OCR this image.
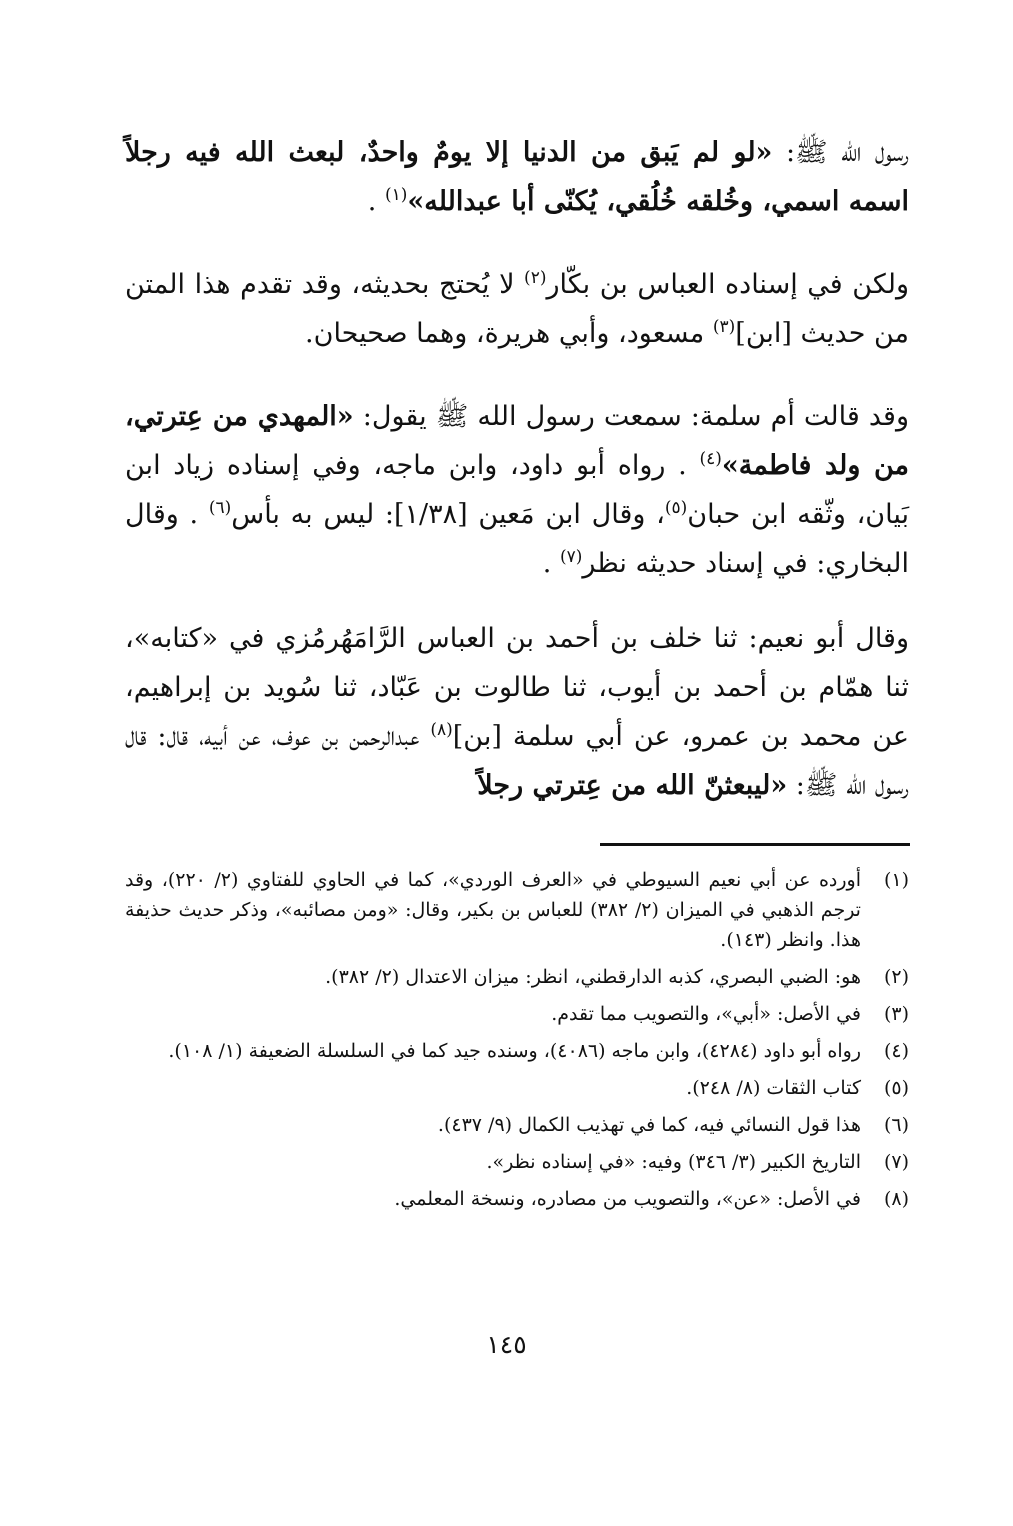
رسول الله ﷺ: «لو لم يَبق من الدنيا إلا يومٌ واحدٌ، لبعث الله فيه رجلاً اسمه اسمي، وخُلقه خُلُقي، يُكنّى أبا عبدالله»$^{(١)}$ .

ولكن في إسناده العباس بن بكّار$^{(٢)}$ لا يُحتج بحديثه، وقد تقدم هذا المتن من حديث [ابن]$^{(٣)}$ مسعود، وأبي هريرة، وهما صحيحان.

وقد قالت أم سلمة: سمعت رسول الله ﷺ يقول: «المهدي من عِترتي، من ولد فاطمة»$^{(٤)}$ . رواه أبو داود، وابن ماجه، وفي إسناده زياد ابن بَيان، وثّقه ابن حبان$^{(٥)}$، وقال ابن مَعين [١/٣٨]: ليس به بأس$^{(٦)}$ . وقال البخاري: في إسناد حديثه نظر$^{(٧)}$ .

وقال أبو نعيم: ثنا خلف بن أحمد بن العباس الرَّامَهُرمُزي في «كتابه»، ثنا همّام بن أحمد بن أيوب، ثنا طالوت بن عَبّاد، ثنا سُويد بن إبراهيم، عن محمد بن عمرو، عن أبي سلمة [بن]$^{(٨)}$ عبدالرحمن بن عوف، عن أبيه، قال: قال رسول الله ﷺ: «ليبعثنّ الله من عِترتي رجلاً

(١)
أورده عن أبي نعيم السيوطي في «العرف الوردي»، كما في الحاوي للفتاوي (٢/ ٢٢٠)، وقد ترجم الذهبي في الميزان (٢/ ٣٨٢) للعباس بن بكير، وقال: «ومن مصائبه»، وذكر حديث حذيفة هذا. وانظر (١٤٣).
(٢)
هو: الضبي البصري، كذبه الدارقطني، انظر: ميزان الاعتدال (٢/ ٣٨٢).
(٣)
في الأصل: «أبي»، والتصويب مما تقدم.
(٤)
رواه أبو داود (٤٢٨٤)، وابن ماجه (٤٠٨٦)، وسنده جيد كما في السلسلة الضعيفة (١/ ١٠٨).
(٥)
كتاب الثقات (٨/ ٢٤٨).
(٦)
هذا قول النسائي فيه، كما في تهذيب الكمال (٩/ ٤٣٧).
(٧)
التاريخ الكبير (٣/ ٣٤٦) وفيه: «في إسناده نظر».
(٨)
في الأصل: «عن»، والتصويب من مصادره، ونسخة المعلمي.
١٤٥
